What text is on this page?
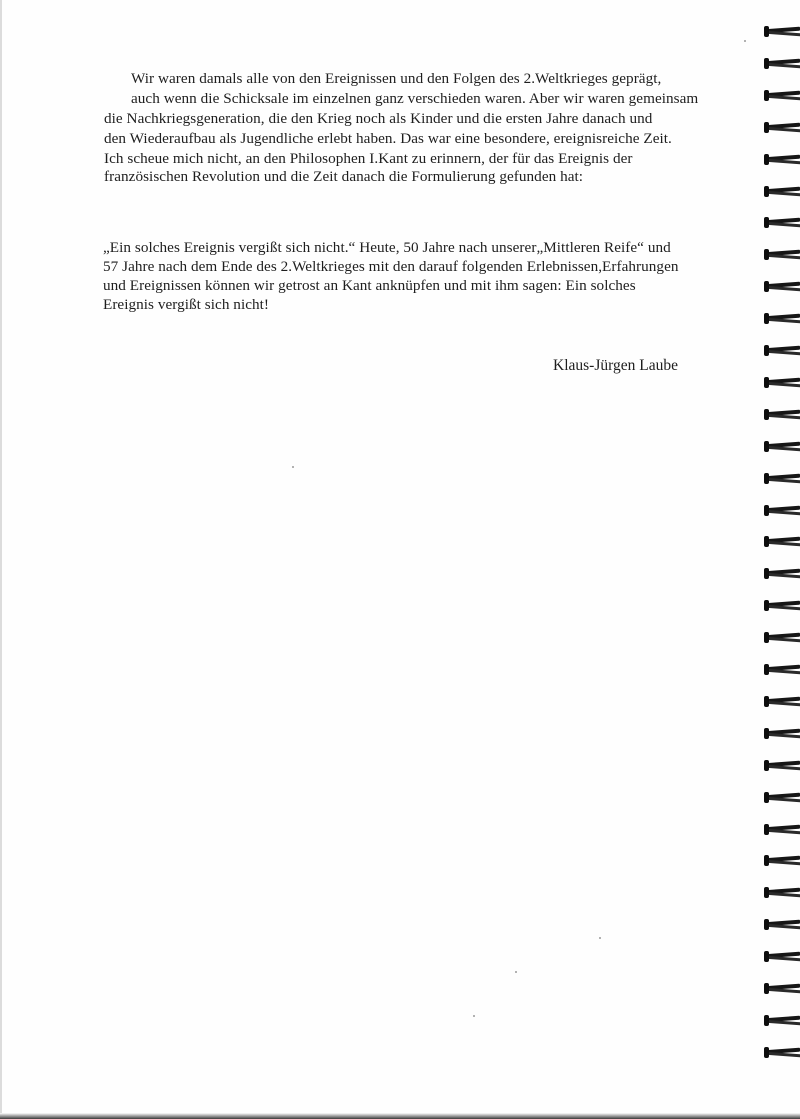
Wir waren damals alle von den Ereignissen und den Folgen des 2.Weltkrieges geprägt,
auch wenn die Schicksale im einzelnen ganz verschieden waren. Aber wir waren gemeinsam
die Nachkriegsgeneration, die den Krieg noch als Kinder und die ersten Jahre danach und
den Wiederaufbau als Jugendliche erlebt haben. Das war eine besondere, ereignisreiche Zeit.
Ich scheue mich nicht, an den Philosophen I.Kant zu erinnern, der für das Ereignis der
französischen Revolution und die Zeit danach die Formulierung gefunden hat:
„Ein solches Ereignis vergißt sich nicht.“ Heute, 50 Jahre nach unserer„Mittleren Reife“ und
57 Jahre nach dem Ende des 2.Weltkrieges mit den darauf folgenden Erlebnissen,Erfahrungen
und Ereignissen können wir getrost an Kant anknüpfen und mit ihm sagen: Ein solches
Ereignis vergißt sich nicht!
Klaus-Jürgen Laube
